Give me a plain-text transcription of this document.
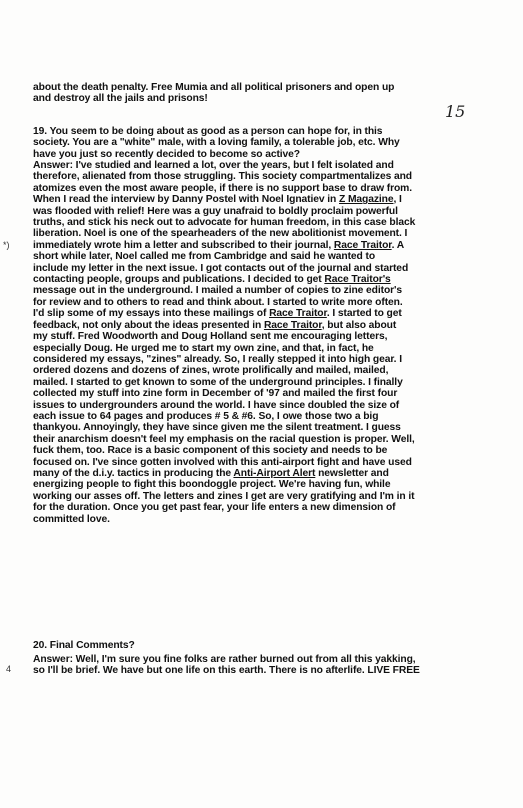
about the death penalty. Free Mumia and all political prisoners and open up
and destroy all the jails and prisons!
15
19. You seem to be doing about as good as a person can hope for, in this
society. You are a "white" male, with a loving family, a tolerable job, etc. Why
have you just so recently decided to become so active?
Answer: I've studied and learned a lot, over the years, but I felt isolated and
therefore, alienated from those struggling. This society compartmentalizes and
atomizes even the most aware people, if there is no support base to draw from.
When I read the interview by Danny Postel with Noel Ignatiev in Z Magazine, I
was flooded with relief! Here was a guy unafraid to boldly proclaim powerful
truths, and stick his neck out to advocate for human freedom, in this case black
liberation. Noel is one of the spearheaders of the new abolitionist movement. I
immediately wrote him a letter and subscribed to their journal, Race Traitor. A
short while later, Noel called me from Cambridge and said he wanted to
include my letter in the next issue. I got contacts out of the journal and started
contacting people, groups and publications. I decided to get Race Traitor's
message out in the underground. I mailed a number of copies to zine editor's
for review and to others to read and think about. I started to write more often.
I'd slip some of my essays into these mailings of Race Traitor. I started to get
feedback, not only about the ideas presented in Race Traitor, but also about
my stuff. Fred Woodworth and Doug Holland sent me encouraging letters,
especially Doug. He urged me to start my own zine, and that, in fact, he
considered my essays, "zines" already. So, I really stepped it into high gear. I
ordered dozens and dozens of zines, wrote prolifically and mailed, mailed,
mailed. I started to get known to some of the underground principles. I finally
collected my stuff into zine form in December of '97 and mailed the first four
issues to undergrounders around the world. I have since doubled the size of
each issue to 64 pages and produces # 5 & #6. So, I owe those two a big
thankyou. Annoyingly, they have since given me the silent treatment. I guess
their anarchism doesn't feel my emphasis on the racial question is proper. Well,
fuck them, too. Race is a basic component of this society and needs to be
focused on. I've since gotten involved with this anti-airport fight and have used
many of the d.i.y. tactics in producing the Anti-Airport Alert newsletter and
energizing people to fight this boondoggle project. We're having fun, while
working our asses off. The letters and zines I get are very gratifying and I'm in it
for the duration. Once you get past fear, your life enters a new dimension of
committed love.
20. Final Comments?
Answer: Well, I'm sure you fine folks are rather burned out from all this yakking,
so I'll be brief. We have but one life on this earth. There is no afterlife. LIVE FREE
*)
4
